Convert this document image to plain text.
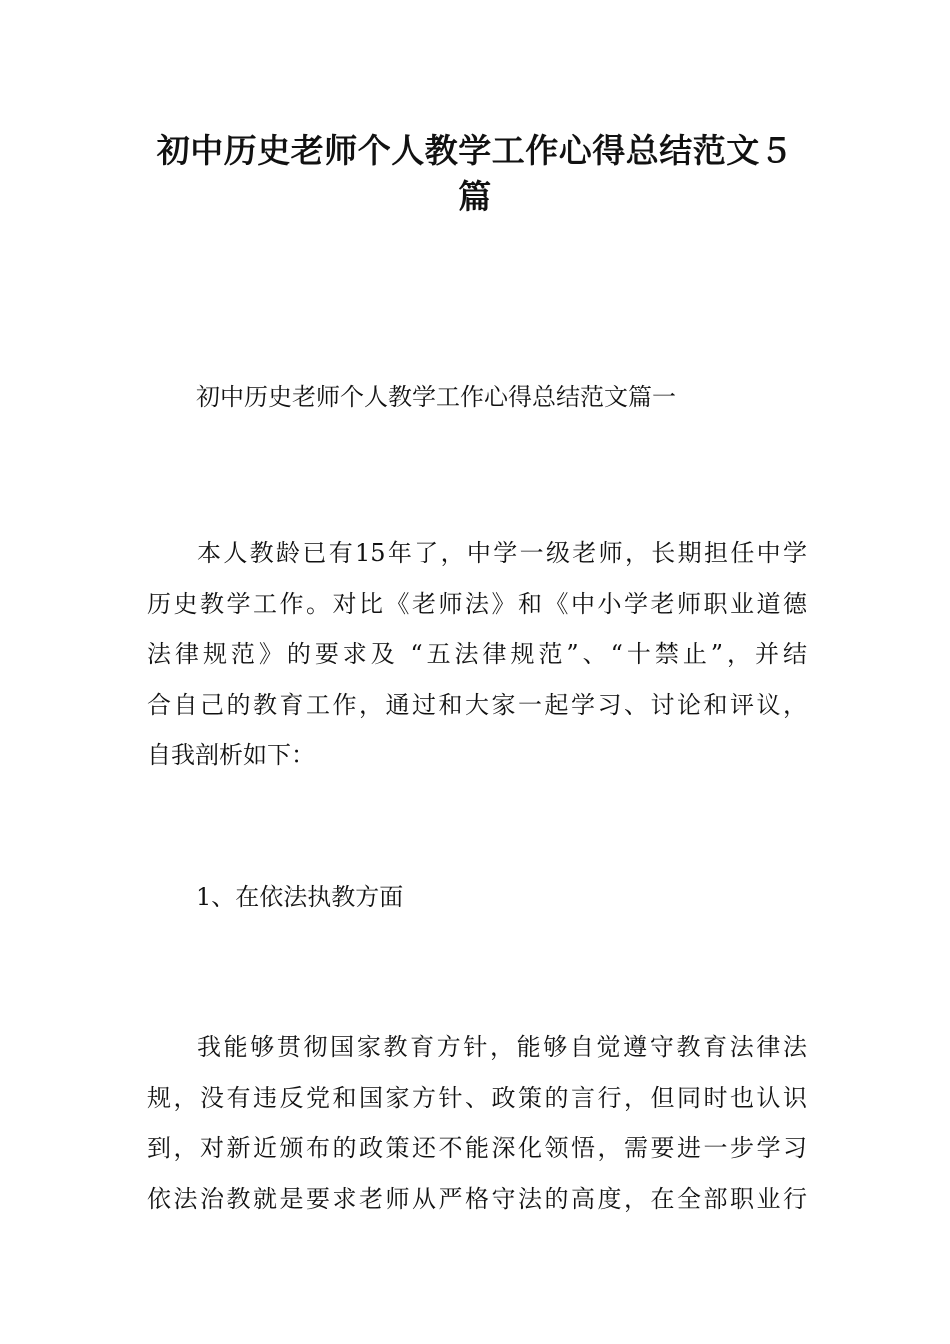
初中历史老师个人教学工作心得总结范文５
篇
初中历史老师个人教学工作心得总结范文篇一
本人教龄已有15年了，中学一级老师，长期担任中学
历史教学工作。对比《老师法》和《中小学老师职业道德
法律规范》的要求及 “五法律规范”、“十禁止”，并结
合自己的教育工作，通过和大家一起学习、讨论和评议，
自我剖析如下：
1、在依法执教方面
我能够贯彻国家教育方针，能够自觉遵守教育法律法
规，没有违反党和国家方针、政策的言行，但同时也认识
到，对新近颁布的政策还不能深化领悟，需要进一步学习
依法治教就是要求老师从严格守法的高度，在全部职业行
